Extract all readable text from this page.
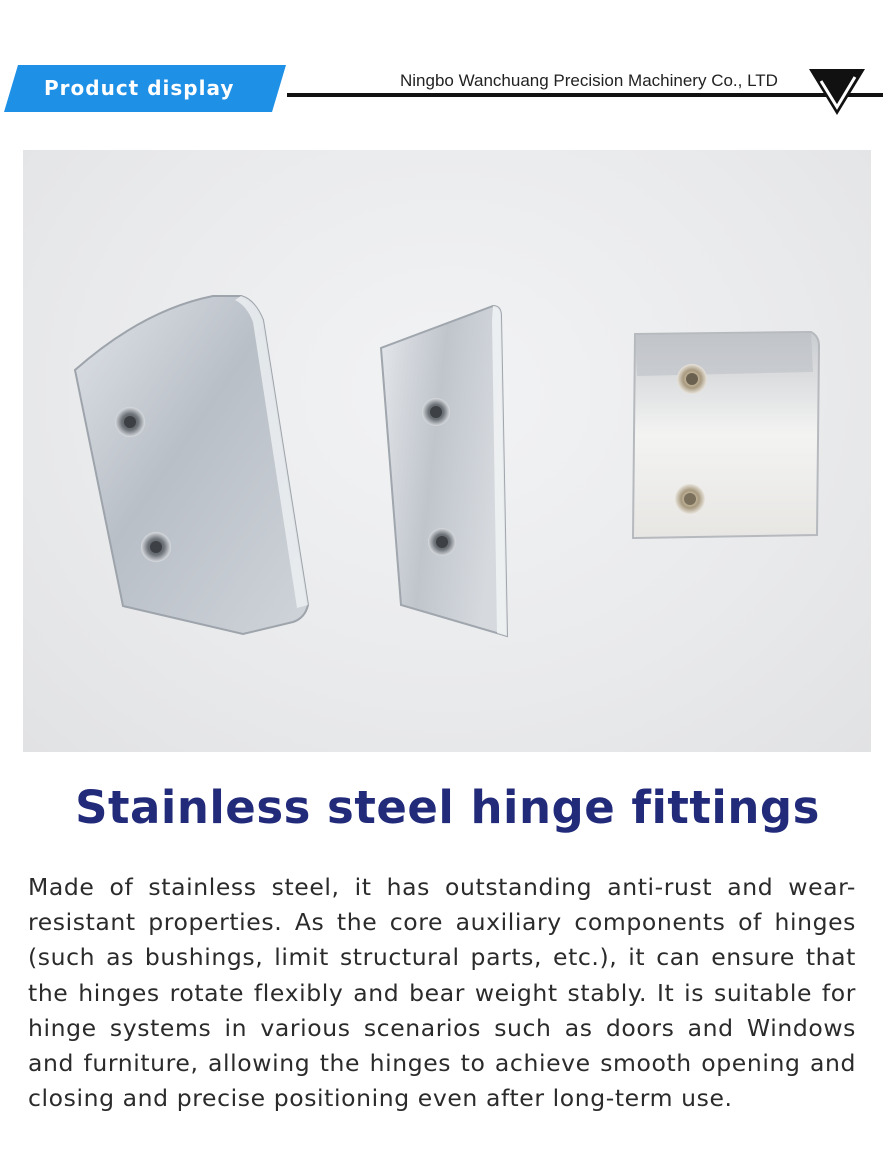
Product display	Ningbo Wanchuang Precision Machinery Co., LTD
Stainless steel hinge fittings

Made of stainless steel, it has outstanding anti-rust and wear-resistant properties. As the core auxiliary components of hinges (such as bushings, limit structural parts, etc.), it can ensure that the hinges rotate flexibly and bear weight stably. It is suitable for hinge systems in various scenarios such as doors and Windows and furniture, allowing the hinges to achieve smooth opening and closing and precise positioning even after long-term use.
